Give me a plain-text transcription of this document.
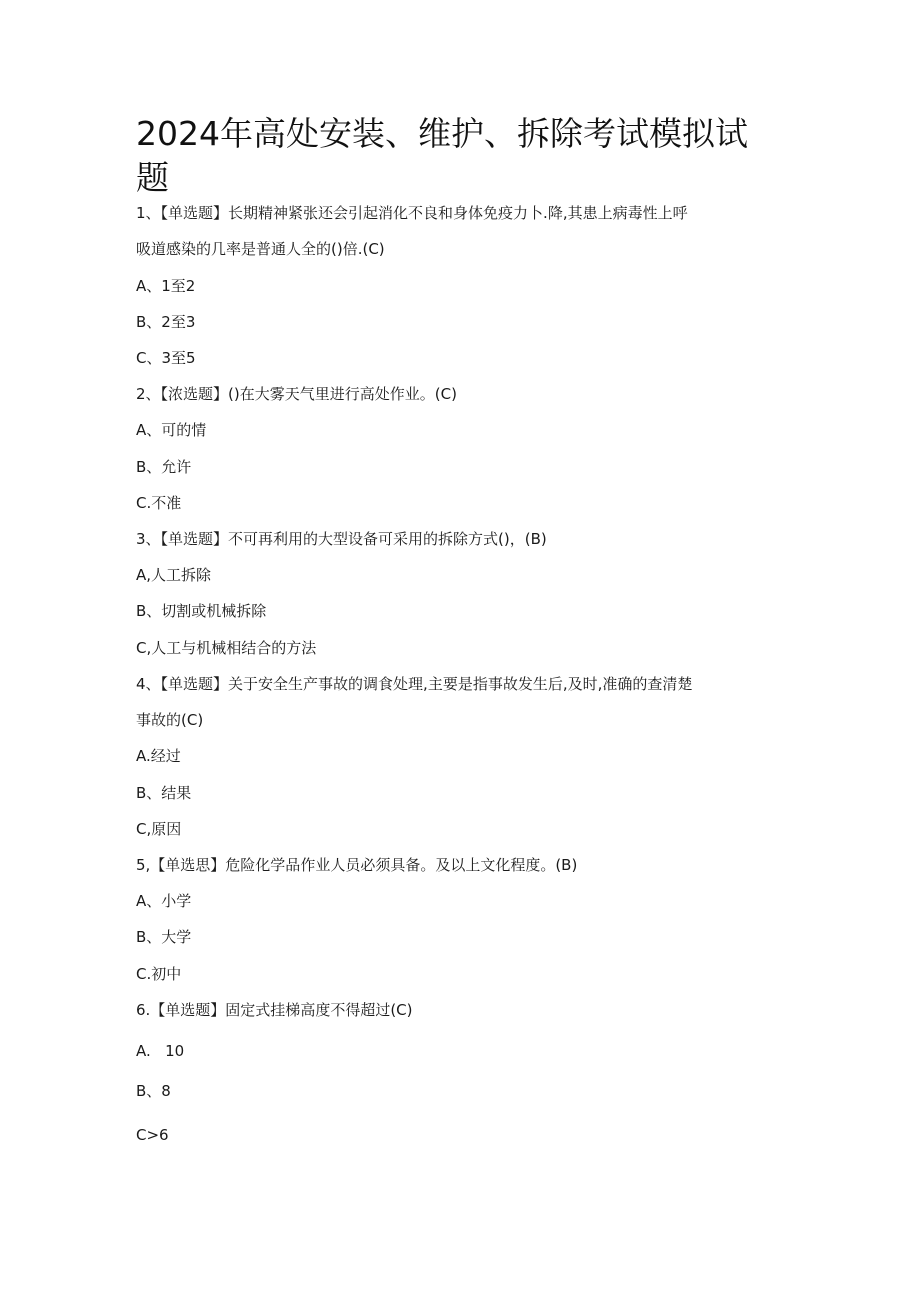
2024年高处安装、维护、拆除考试模拟试题
1、【单选题】长期精神紧张还会引起消化不良和身体免疫力卜.降,其患上病毒性上呼
吸道感染的几率是普通人全的()倍.(C)
A、1至2
B、2至3
C、3至5
2、【浓选题】()在大雾天气里进行高处作业。(C)
A、可的情
B、允许
C.不准
3、【单选题】不可再利用的大型设备可采用的拆除方式()，(B)
A,人工拆除
B、切割或机械拆除
C,人工与机械相结合的方法
4、【单选题】关于安全生产事故的调食处理,主要是指事故发生后,及时,准确的查清楚
事故的(C)
A.经过
B、结果
C,原因
5,【单选思】危险化学品作业人员必须具备。及以上文化程度。(B)
A、小学
B、大学
C.初中
6.【单选题】固定式挂梯高度不得超过(C)
A.   10
B、8
C>6
